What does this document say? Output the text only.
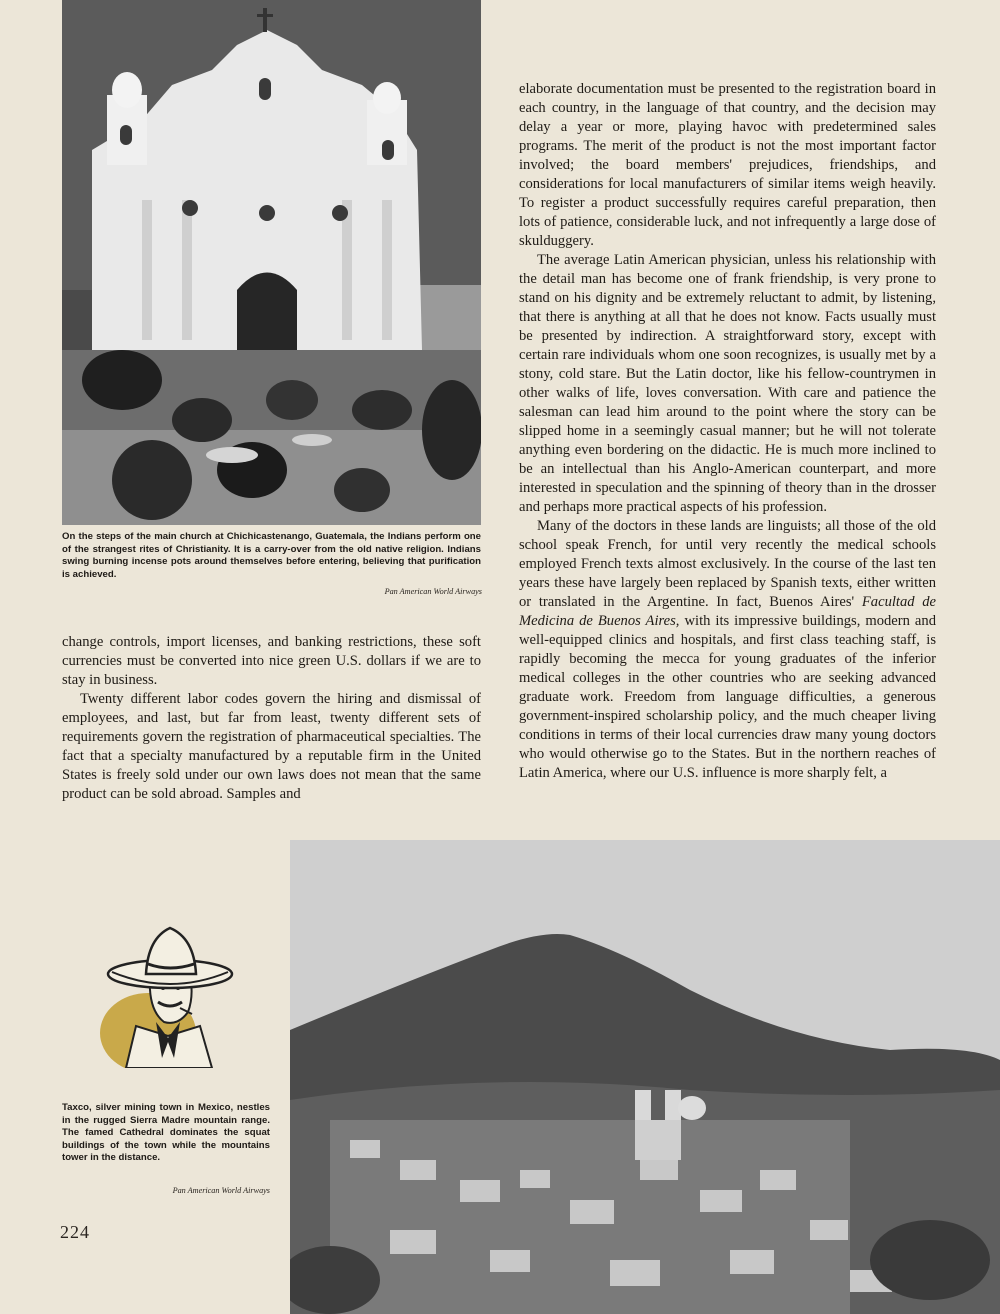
On the steps of the main church at Chichicastenango, Guatemala, the Indians perform one of the strangest rites of Christianity. It is a carry-over from the old native religion. Indians swing burning incense pots around themselves before entering, believing that purification is achieved.
Pan American World Airways

change controls, import licenses, and banking restrictions, these soft currencies must be converted into nice green U.S. dollars if we are to stay in business.

Twenty different labor codes govern the hiring and dismissal of employees, and last, but far from least, twenty different sets of requirements govern the registration of pharmaceutical specialties. The fact that a specialty manufactured by a reputable firm in the United States is freely sold under our own laws does not mean that the same product can be sold abroad. Samples and

elaborate documentation must be presented to the registration board in each country, in the language of that country, and the decision may delay a year or more, playing havoc with predetermined sales programs. The merit of the product is not the most important factor involved; the board members' prejudices, friendships, and considerations for local manufacturers of similar items weigh heavily. To register a product successfully requires careful preparation, then lots of patience, considerable luck, and not infrequently a large dose of skulduggery.

The average Latin American physician, unless his relationship with the detail man has become one of frank friendship, is very prone to stand on his dignity and be extremely reluctant to admit, by listening, that there is anything at all that he does not know. Facts usually must be presented by indirection. A straightforward story, except with certain rare individuals whom one soon recognizes, is usually met by a stony, cold stare. But the Latin doctor, like his fellow-countrymen in other walks of life, loves conversation. With care and patience the salesman can lead him around to the point where the story can be slipped home in a seemingly casual manner; but he will not tolerate anything even bordering on the didactic. He is much more inclined to be an intellectual than his Anglo-American counterpart, and more interested in speculation and the spinning of theory than in the drosser and perhaps more practical aspects of his profession.

Many of the doctors in these lands are linguists; all those of the old school speak French, for until very recently the medical schools employed French texts almost exclusively. In the course of the last ten years these have largely been replaced by Spanish texts, either written or translated in the Argentine. In fact, Buenos Aires' Facultad de Medicina de Buenos Aires, with its impressive buildings, modern and well-equipped clinics and hospitals, and first class teaching staff, is rapidly becoming the mecca for young graduates of the inferior medical colleges in the other countries who are seeking advanced graduate work. Freedom from language difficulties, a generous government-inspired scholarship policy, and the much cheaper living conditions in terms of their local currencies draw many young doctors who would otherwise go to the States. But in the northern reaches of Latin America, where our U.S. influence is more sharply felt, a

Taxco, silver mining town in Mexico, nestles in the rugged Sierra Madre mountain range. The famed Cathedral dominates the squat buildings of the town while the mountains tower in the distance.
Pan American World Airways
224
